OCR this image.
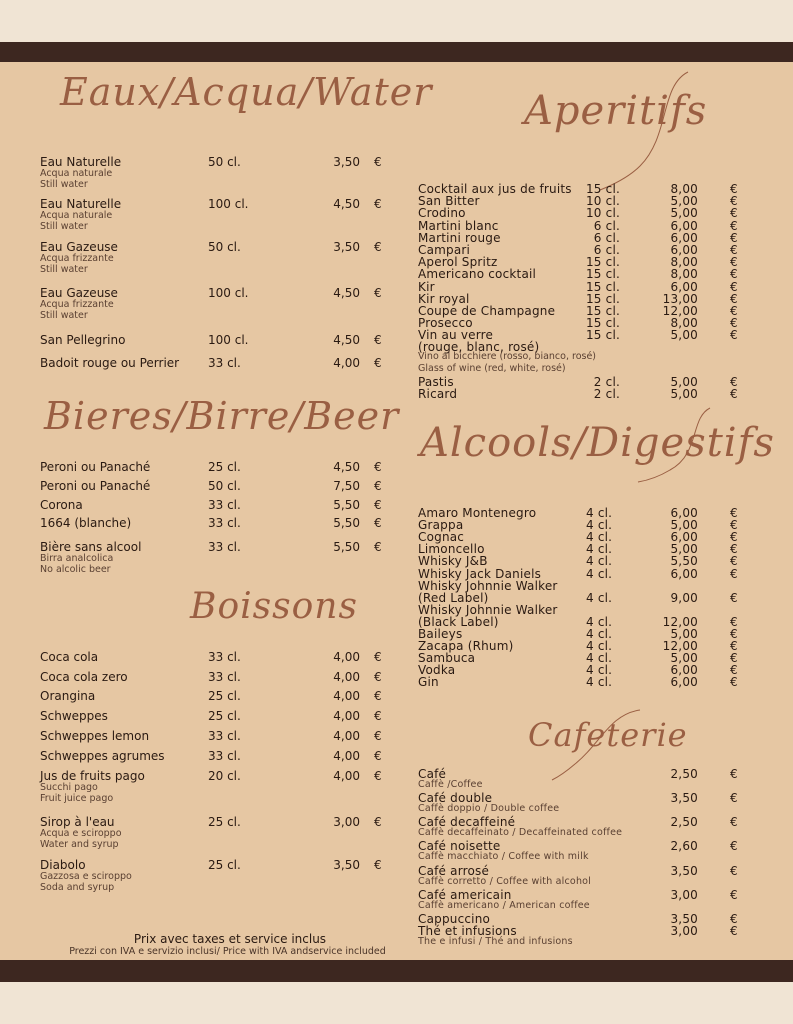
Eaux/Acqua/Water
Bieres/Birre/Beer
Boissons
Aperitifs
Alcools/Digestifs
Cafeterie
Eau Naturelle	50 cl.	3,50 €
Acqua naturale
Still water
Eau Naturelle	100 cl.	4,50 €
Acqua naturale
Still water
Eau Gazeuse	50 cl.	3,50 €
Acqua frizzante
Still water
Eau Gazeuse	100 cl.	4,50 €
Acqua frizzante
Still water
San Pellegrino	100 cl.	4,50 €
Badoit rouge ou Perrier 33 cl.	4,00 €
Peroni ou Panaché	25 cl.	4,50 €
Peroni ou Panaché	50 cl.	7,50 €
Corona	33 cl.	5,50 €
1664 (blanche)	33 cl.	5,50 €
Bière sans alcool	33 cl.	5,50 €
Birra analcolica
No alcolic beer
Coca cola	33 cl.	4,00 €
Coca cola zero	33 cl.	4,00 €
Orangina	25 cl.	4,00 €
Schweppes	25 cl.	4,00 €
Schweppes lemon	33 cl.	4,00 €
Schweppes agrumes	33 cl.	4,00 €
Jus de fruits pago	20 cl.	4,00 €
Succhi pago
Fruit juice pago
Sirop à l'eau	25 cl.	3,00 €
Acqua e sciroppo
Water and syrup
Diabolo	25 cl.	3,50 €
Gazzosa e sciroppo
Soda and syrup
Cocktail aux jus de fruits	15 cl.	8,00	€
San Bitter	10 cl.	5,00	€
Crodino	10 cl.	5,00	€
Martini blanc	6 cl.	6,00	€
Martini rouge	6 cl.	6,00	€
Campari	6 cl.	6,00	€
Aperol Spritz	15 cl.	8,00	€
Americano cocktail	15 cl.	8,00	€
Kir	15 cl.	6,00	€
Kir royal	15 cl.	13,00	€
Coupe de Champagne	15 cl.	12,00	€
Prosecco	15 cl.	8,00	€
Vin au verre	15 cl.	5,00	€
(rouge, blanc, rosé)
Vino al bicchiere (rosso, bianco, rosé)
Glass of wine (red, white, rosé)
Pastis	2 cl.	5,00	€
Ricard	2 cl.	5,00	€
Amaro Montenegro	4 cl.	6,00	€
Grappa	4 cl.	5,00	€
Cognac	4 cl.	6,00	€
Limoncello	4 cl.	5,00	€
Whisky J&B	4 cl.	5,50	€
Whisky Jack Daniels	4 cl.	6,00	€
Whisky Johnnie Walker
(Red Label)	4 cl.	9,00	€
Whisky Johnnie Walker
(Black Label)	4 cl.	12,00	€
Baileys	4 cl.	5,00	€
Zacapa (Rhum)	4 cl.	12,00	€
Sambuca	4 cl.	5,00	€
Vodka	4 cl.	6,00	€
Gin	4 cl.	6,00	€
Café	2,50	€
Caffè /Coffee
Café double	3,50	€
Caffè doppio / Double coffee
Café decaffeiné	2,50	€
Caffè decaffeinato / Decaffeinated coffee
Café noisette	2,60	€
Caffè macchiato / Coffee with milk
Café arrosé	3,50	€
Caffè corretto / Coffee with alcohol
Café americain	3,00	€
Caffè americano / American coffee
Cappuccino	3,50	€
Thé et infusions	3,00	€
The e infusi / Thé and infusions
Prix avec taxes et service inclus
Prezzi con IVA e servizio inclusi/ Price with IVA andservice included
